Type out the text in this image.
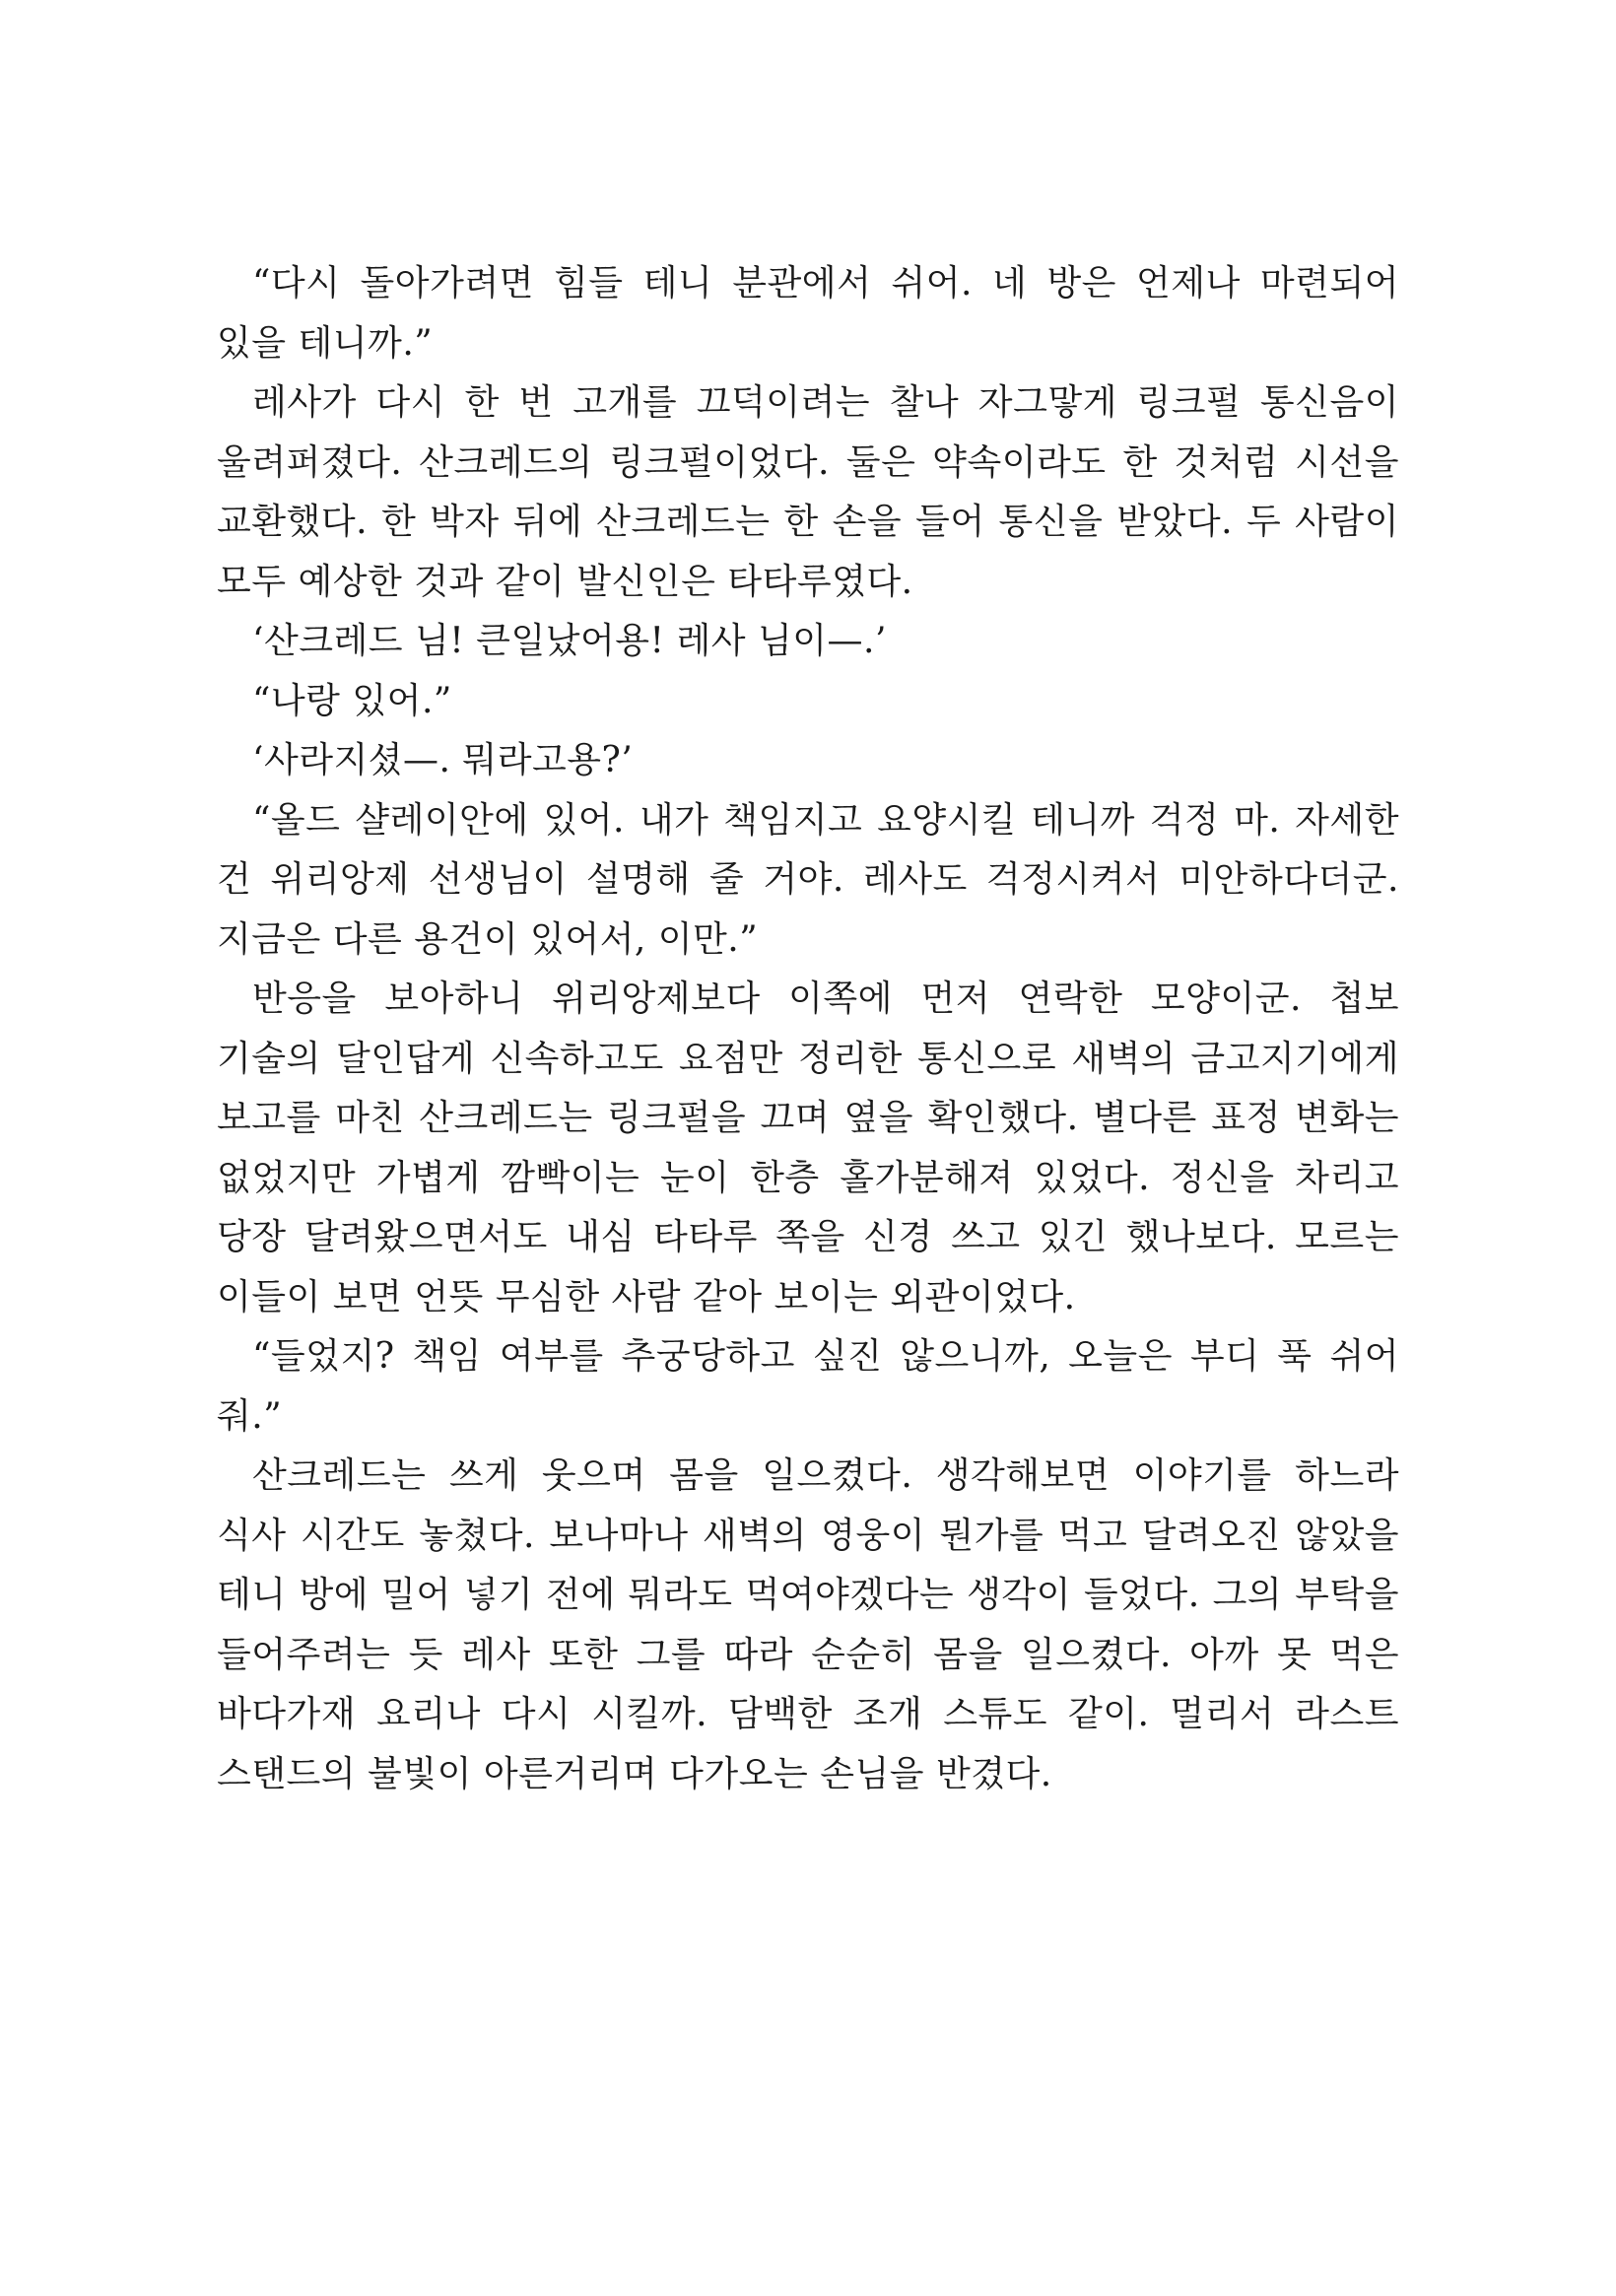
“다시 돌아가려면 힘들 테니 분관에서 쉬어. 네 방은 언제나 마련되어 있을 테니까.”

레사가 다시 한 번 고개를 끄덕이려는 찰나 자그맣게 링크펄 통신음이 울려퍼졌다. 산크레드의 링크펄이었다. 둘은 약속이라도 한 것처럼 시선을 교환했다. 한 박자 뒤에 산크레드는 한 손을 들어 통신을 받았다. 두 사람이 모두 예상한 것과 같이 발신인은 타타루였다.

‘산크레드 님! 큰일났어용! 레사 님이—.’

“나랑 있어.”

‘사라지셨—. 뭐라고용?’

“올드 샬레이안에 있어. 내가 책임지고 요양시킬 테니까 걱정 마. 자세한 건 위리앙제 선생님이 설명해 줄 거야. 레사도 걱정시켜서 미안하다더군. 지금은 다른 용건이 있어서, 이만.”

반응을 보아하니 위리앙제보다 이쪽에 먼저 연락한 모양이군. 첩보 기술의 달인답게 신속하고도 요점만 정리한 통신으로 새벽의 금고지기에게 보고를 마친 산크레드는 링크펄을 끄며 옆을 확인했다. 별다른 표정 변화는 없었지만 가볍게 깜빡이는 눈이 한층 홀가분해져 있었다. 정신을 차리고 당장 달려왔으면서도 내심 타타루 쪽을 신경 쓰고 있긴 했나보다. 모르는 이들이 보면 언뜻 무심한 사람 같아 보이는 외관이었다.

“들었지? 책임 여부를 추궁당하고 싶진 않으니까, 오늘은 부디 푹 쉬어 줘.”

산크레드는 쓰게 웃으며 몸을 일으켰다. 생각해보면 이야기를 하느라 식사 시간도 놓쳤다. 보나마나 새벽의 영웅이 뭔가를 먹고 달려오진 않았을 테니 방에 밀어 넣기 전에 뭐라도 먹여야겠다는 생각이 들었다. 그의 부탁을 들어주려는 듯 레사 또한 그를 따라 순순히 몸을 일으켰다. 아까 못 먹은 바다가재 요리나 다시 시킬까. 담백한 조개 스튜도 같이. 멀리서 라스트 스탠드의 불빛이 아른거리며 다가오는 손님을 반겼다.
